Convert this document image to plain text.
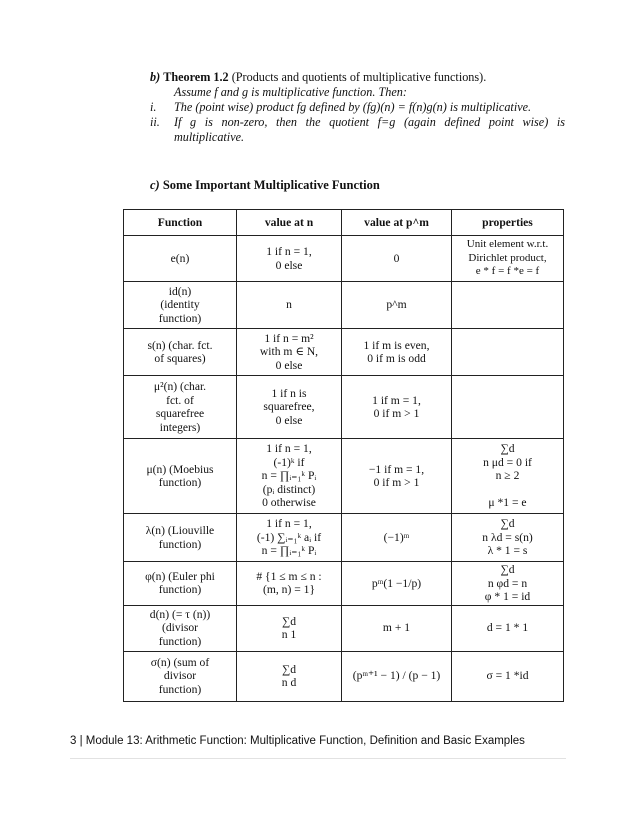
b) Theorem 1.2 (Products and quotients of multiplicative functions).
Assume f and g is multiplicative function. Then:
i.	The (point wise) product fg defined by (fg)(n) = f(n)g(n) is multiplicative.
ii.	If g is non-zero, then the quotient f=g (again defined point wise) is multiplicative.
c) Some Important Multiplicative Function
Function	value at n	value at p^m	properties
e(n)	1 if n = 1,
0 else	0	Unit element w.r.t.
Dirichlet product,
e * f = f *e = f
id(n)
(identity
function)	n	p^m	
s(n) (char. fct.
of squares)	1 if n = m²
with m ∈ N,
0 else	1 if m is even,
0 if m is odd	
μ²(n) (char.
fct. of
squarefree
integers)	1 if n is
squarefree,
0 else	1 if m = 1,
0 if m > 1	
μ(n) (Moebius
function)	1 if n = 1,
(-1)ᵏ if
n = ∏ᵢ₌₁ᵏ Pᵢ
(pᵢ distinct)
0 otherwise	−1 if m = 1,
0 if m > 1	∑d
n μd = 0 if
n ≥ 2

μ *1 = e
λ(n) (Liouville
function)	1 if n = 1,
(-1) ∑ᵢ₌₁ᵏ aᵢ if
n = ∏ᵢ₌₁ᵏ Pᵢ	(−1)ᵐ	∑d
n λd = s(n)
λ * 1 = s
φ(n) (Euler phi
function)	# {1 ≤ m ≤ n :
(m, n) = 1}	pᵐ(1 −1/p)	∑d
n φd = n
φ * 1 = id
d(n) (= τ (n))
(divisor
function)	∑d
n 1	m + 1	d = 1 * 1
σ(n) (sum of
divisor
function)	∑d
n d	(pᵐ⁺¹ − 1) / (p − 1)	σ = 1 *id
3 | Module 13: Arithmetic Function: Multiplicative Function, Definition and Basic Examples
